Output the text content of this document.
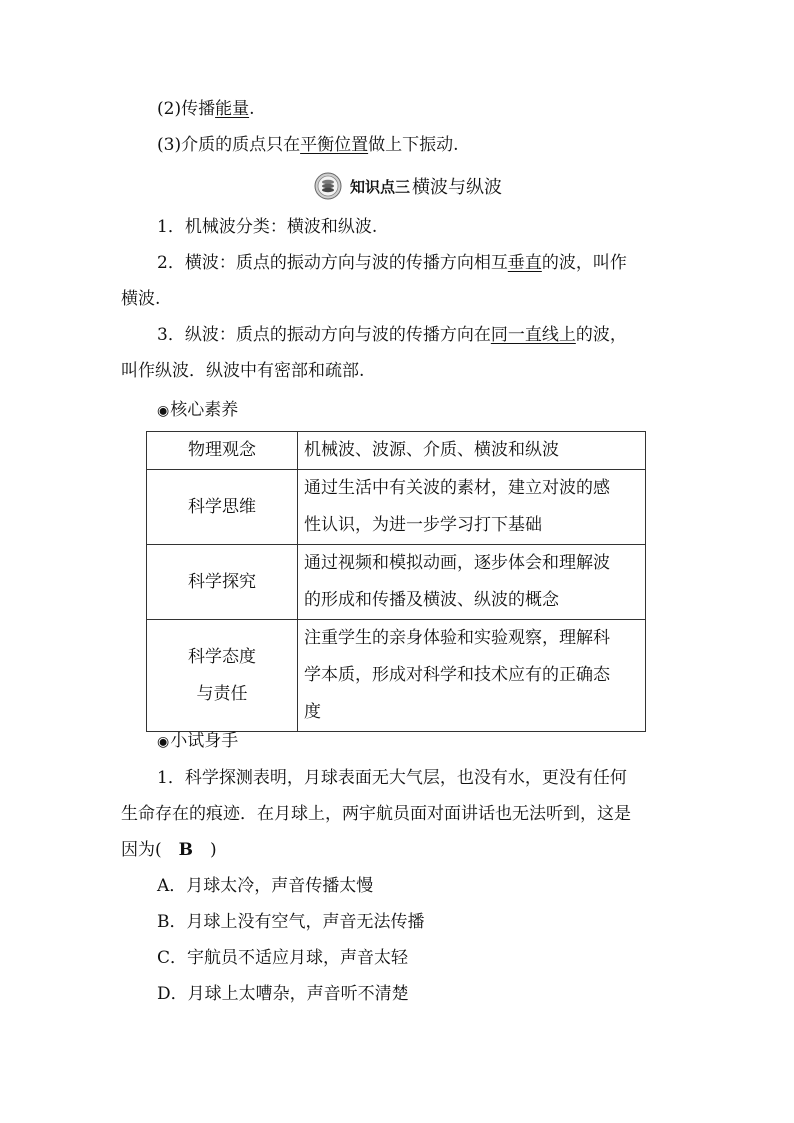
(2)传播能量.
(3)介质的质点只在平衡位置做上下振动.
知识点三 横波与纵波
1．机械波分类：横波和纵波.
2．横波：质点的振动方向与波的传播方向相互垂直的波，叫作
横波.
3．纵波：质点的振动方向与波的传播方向在同一直线上的波，
叫作纵波．纵波中有密部和疏部.
◉核心素养
物理观念	机械波、波源、介质、横波和纵波

科学思维	通过生活中有关波的素材，建立对波的感
性认识，为进一步学习打下基础

科学探究	通过视频和模拟动画，逐步体会和理解波
的形成和传播及横波、纵波的概念

科学态度
与责任	注重学生的亲身体验和实验观察，理解科
学本质，形成对科学和技术应有的正确态
度
◉小试身手
1．科学探测表明，月球表面无大气层，也没有水，更没有任何
生命存在的痕迹．在月球上，两宇航员面对面讲话也无法听到，这是
因为(　B　)
A．月球太冷，声音传播太慢
B．月球上没有空气，声音无法传播
C．宇航员不适应月球，声音太轻
D．月球上太嘈杂，声音听不清楚
